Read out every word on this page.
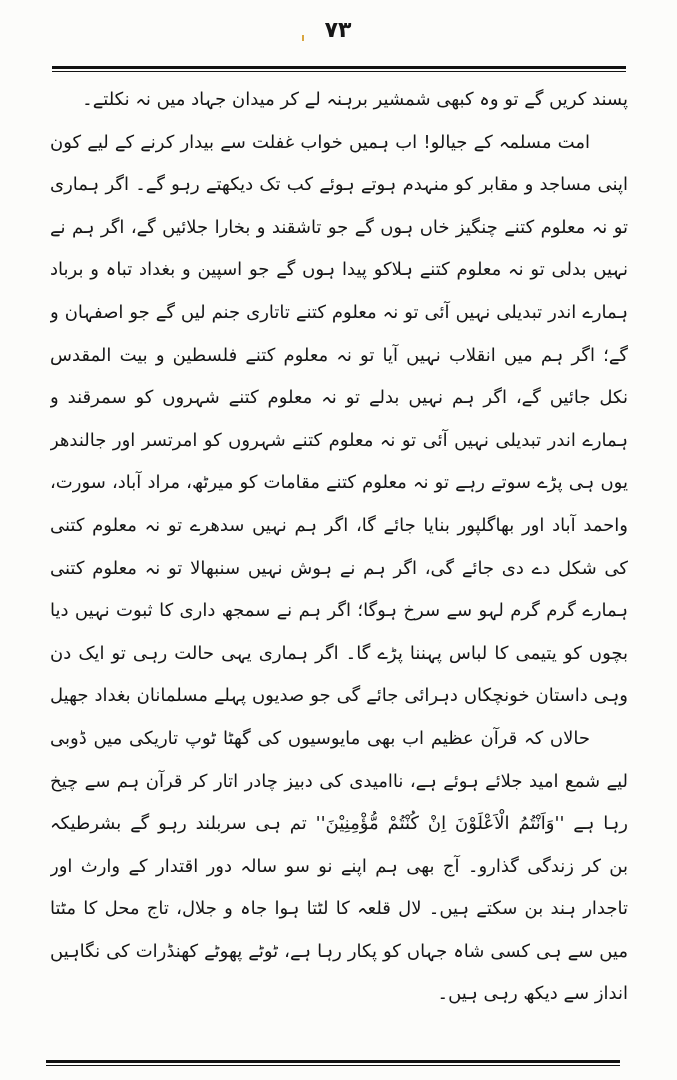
۷۳
پسند کریں گے تو وہ کبھی شمشیر برہنہ لے کر میدان جہاد میں نہ نکلتے۔
امت مسلمہ کے جیالو! اب ہمیں خواب غفلت سے بیدار کرنے کے لیے کون
اپنی مساجد و مقابر کو منہدم ہوتے ہوئے کب تک دیکھتے رہو گے۔ اگر ہماری
تو نہ معلوم کتنے چنگیز خاں ہوں گے جو تاشقند و بخارا جلائیں گے، اگر ہم نے
نہیں بدلی تو نہ معلوم کتنے ہلاکو پیدا ہوں گے جو اسپین و بغداد تباہ و برباد
ہمارے اندر تبدیلی نہیں آئی تو نہ معلوم کتنے تاتاری جنم لیں گے جو اصفہان و
گے؛ اگر ہم میں انقلاب نہیں آیا تو نہ معلوم کتنے فلسطین و بیت المقدس
نکل جائیں گے، اگر ہم نہیں بدلے تو نہ معلوم کتنے شہروں کو سمرقند و
ہمارے اندر تبدیلی نہیں آئی تو نہ معلوم کتنے شہروں کو امرتسر اور جالندھر
یوں ہی پڑے سوتے رہے تو نہ معلوم کتنے مقامات کو میرٹھ، مراد آباد، سورت،
واحمد آباد اور بھاگلپور بنایا جائے گا، اگر ہم نہیں سدھرے تو نہ معلوم کتنی
کی شکل دے دی جائے گی، اگر ہم نے ہوش نہیں سنبھالا تو نہ معلوم کتنی
ہمارے گرم گرم لہو سے سرخ ہوگا؛ اگر ہم نے سمجھ داری کا ثبوت نہیں دیا
بچوں کو یتیمی کا لباس پہننا پڑے گا۔ اگر ہماری یہی حالت رہی تو ایک دن
وہی داستان خونچکاں دہرائی جائے گی جو صدیوں پہلے مسلمانان بغداد جھیل
حالاں کہ قرآن عظیم اب بھی مایوسیوں کی گھٹا ٹوپ تاریکی میں ڈوبی
لیے شمع امید جلائے ہوئے ہے، ناامیدی کی دبیز چادر اتار کر قرآن ہم سے چیخ
رہا ہے ''وَاَنْتُمُ الْاَعْلَوْنَ اِنْ كُنْتُمْ مُّؤْمِنِيْنَ'' تم ہی سربلند رہو گے بشرطیکہ
بن کر زندگی گذارو۔ آج بھی ہم اپنے نو سو سالہ دور اقتدار کے وارث اور
تاجدار ہند بن سکتے ہیں۔ لال قلعہ کا لٹتا ہوا جاہ و جلال، تاج محل کا مٹتا
میں سے ہی کسی شاہ جہاں کو پکار رہا ہے، ٹوٹے پھوٹے کھنڈرات کی نگاہیں
انداز سے دیکھ رہی ہیں۔
